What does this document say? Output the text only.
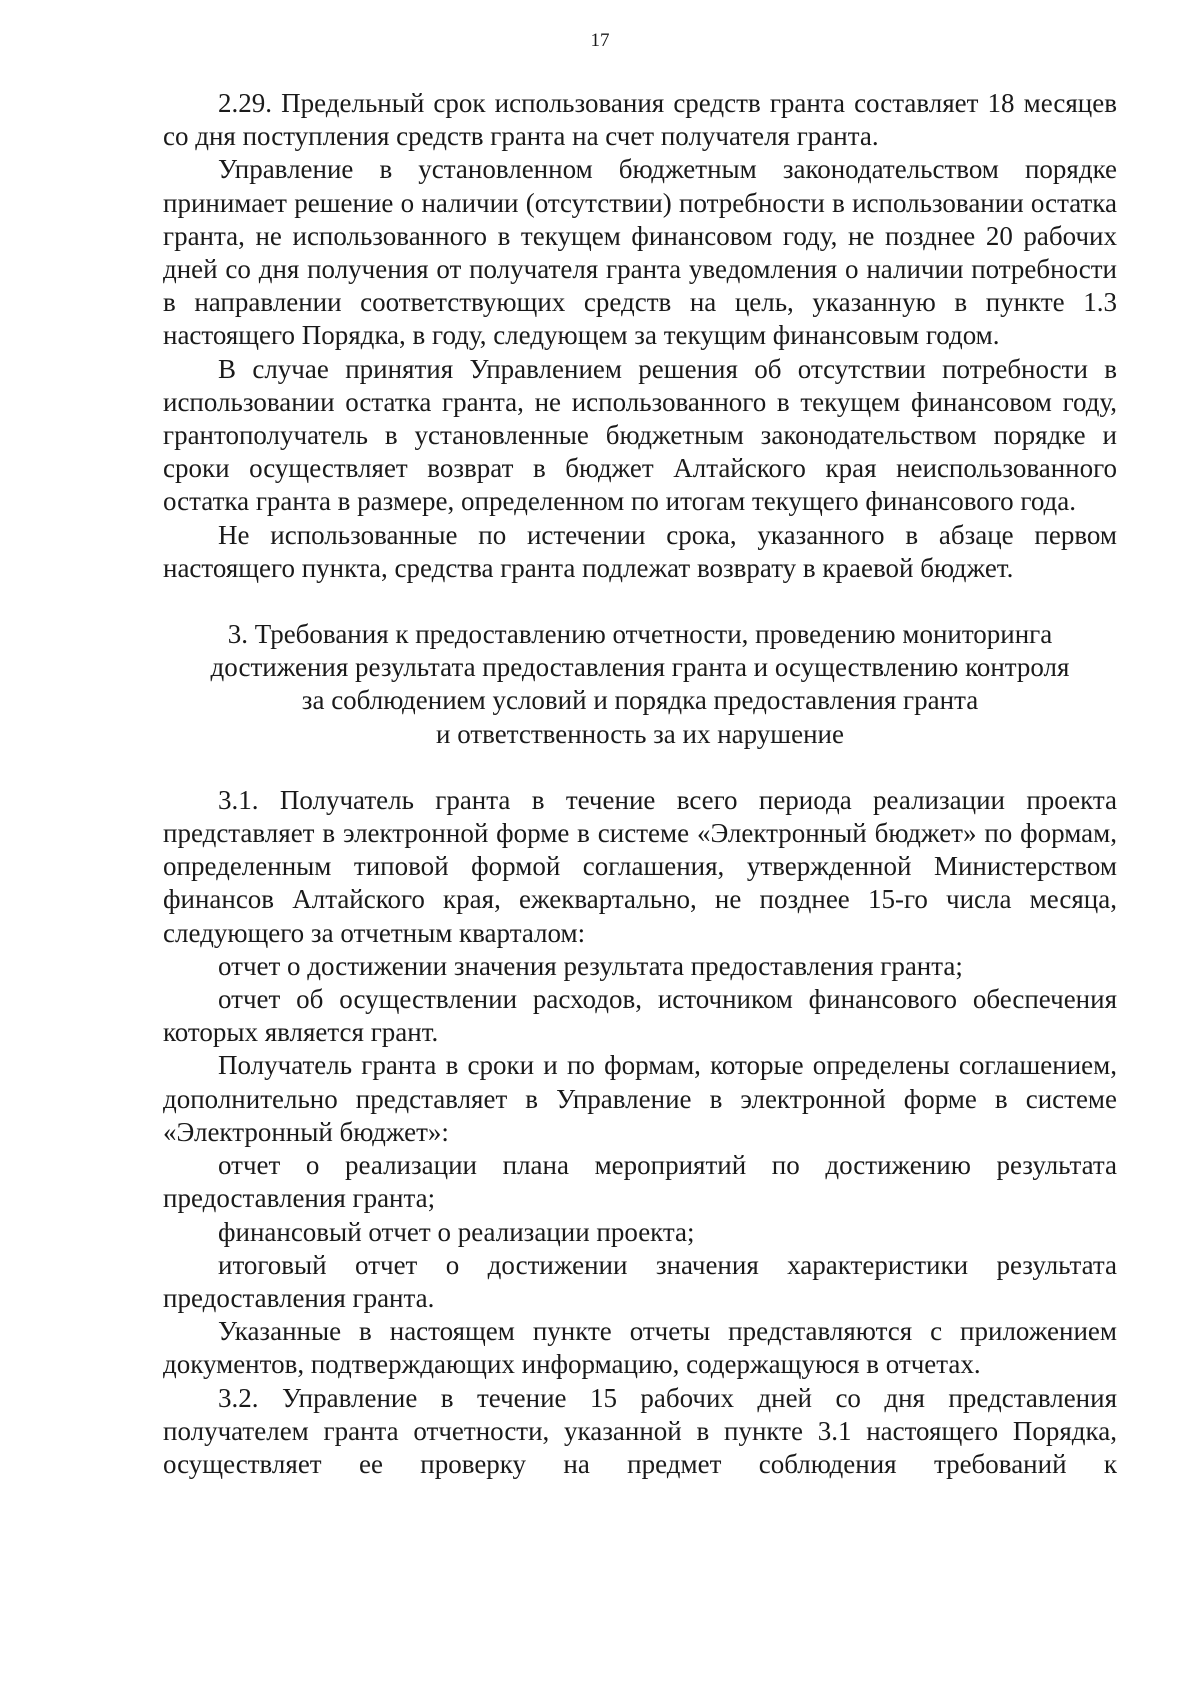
17

2.29. Предельный срок использования средств гранта составляет 18 месяцев со дня поступления средств гранта на счет получателя гранта.

Управление в установленном бюджетным законодательством порядке принимает решение о наличии (отсутствии) потребности в использовании остатка гранта, не использованного в текущем финансовом году, не позднее 20 рабочих дней со дня получения от получателя гранта уведомления о наличии потребности в направлении соответствующих средств на цель, указанную в пункте 1.3 настоящего Порядка, в году, следующем за текущим финансовым годом.

В случае принятия Управлением решения об отсутствии потребности в использовании остатка гранта, не использованного в текущем финансовом году, грантополучатель в установленные бюджетным законодательством порядке и сроки осуществляет возврат в бюджет Алтайского края неиспользованного остатка гранта в размере, определенном по итогам текущего финансового года.

Не использованные по истечении срока, указанного в абзаце первом настоящего пункта, средства гранта подлежат возврату в краевой бюджет.

3. Требования к предоставлению отчетности, проведению мониторинга
достижения результата предоставления гранта и осуществлению контроля
за соблюдением условий и порядка предоставления гранта
и ответственность за их нарушение

3.1. Получатель гранта в течение всего периода реализации проекта представляет в электронной форме в системе «Электронный бюджет» по формам, определенным типовой формой соглашения, утвержденной Министерством финансов Алтайского края, ежеквартально, не позднее 15-го числа месяца, следующего за отчетным кварталом:

отчет о достижении значения результата предоставления гранта;

отчет об осуществлении расходов, источником финансового обеспечения которых является грант.

Получатель гранта в сроки и по формам, которые определены соглашением, дополнительно представляет в Управление в электронной форме в системе «Электронный бюджет»:

отчет о реализации плана мероприятий по достижению результата предоставления гранта;

финансовый отчет о реализации проекта;

итоговый отчет о достижении значения характеристики результата предоставления гранта.

Указанные в настоящем пункте отчеты представляются с приложением документов, подтверждающих информацию, содержащуюся в отчетах.

3.2. Управление в течение 15 рабочих дней со дня представления получателем гранта отчетности, указанной в пункте 3.1 настоящего Порядка, осуществляет ее проверку на предмет соблюдения требований к
